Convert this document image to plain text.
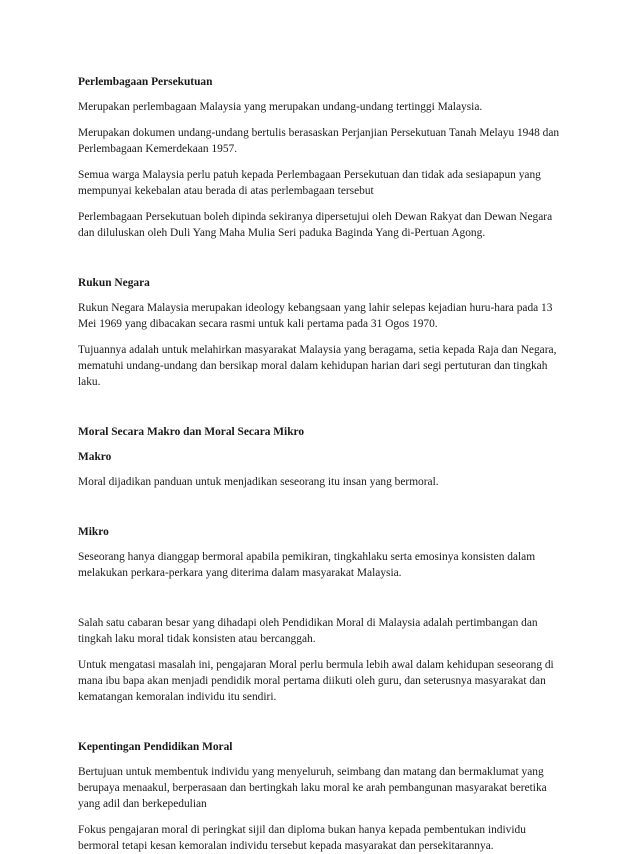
Perlembagaan Persekutuan

Merupakan perlembagaan Malaysia yang merupakan undang-undang tertinggi Malaysia.

Merupakan dokumen undang-undang bertulis berasaskan Perjanjian Persekutuan Tanah Melayu 1948 dan Perlembagaan Kemerdekaan 1957.

Semua warga Malaysia perlu patuh kepada Perlembagaan Persekutuan dan tidak ada sesiapapun yang mempunyai kekebalan atau berada di atas perlembagaan tersebut

Perlembagaan Persekutuan boleh dipinda sekiranya dipersetujui oleh Dewan Rakyat dan Dewan Negara dan diluluskan oleh Duli Yang Maha Mulia Seri paduka Baginda Yang di-Pertuan Agong.

Rukun Negara

Rukun Negara Malaysia merupakan ideology kebangsaan yang lahir selepas kejadian huru-hara pada 13 Mei 1969 yang dibacakan secara rasmi untuk kali pertama pada 31 Ogos 1970.

Tujuannya adalah untuk melahirkan masyarakat Malaysia yang beragama, setia kepada Raja dan Negara, mematuhi undang-undang dan bersikap moral dalam kehidupan harian dari segi pertuturan dan tingkah laku.

Moral Secara Makro dan Moral Secara Mikro

Makro

Moral dijadikan panduan untuk menjadikan seseorang itu insan yang bermoral.

Mikro

Seseorang hanya dianggap bermoral apabila pemikiran, tingkahlaku serta emosinya konsisten dalam melakukan perkara-perkara yang diterima dalam masyarakat Malaysia.

Salah satu cabaran besar yang dihadapi oleh Pendidikan Moral di Malaysia adalah pertimbangan dan tingkah laku moral tidak konsisten atau bercanggah.

Untuk mengatasi masalah ini, pengajaran Moral perlu bermula lebih awal dalam kehidupan seseorang di mana ibu bapa akan menjadi pendidik moral pertama diikuti oleh guru, dan seterusnya masyarakat dan kematangan kemoralan individu itu sendiri.

Kepentingan Pendidikan Moral

Bertujuan untuk membentuk individu yang menyeluruh, seimbang dan matang dan bermaklumat yang berupaya menaakul, berperasaan dan bertingkah laku moral ke arah pembangunan masyarakat beretika yang adil dan berkepedulian

Fokus pengajaran moral di peringkat sijil dan diploma bukan hanya kepada pembentukan individu bermoral tetapi kesan kemoralan individu tersebut kepada masyarakat dan persekitarannya.
